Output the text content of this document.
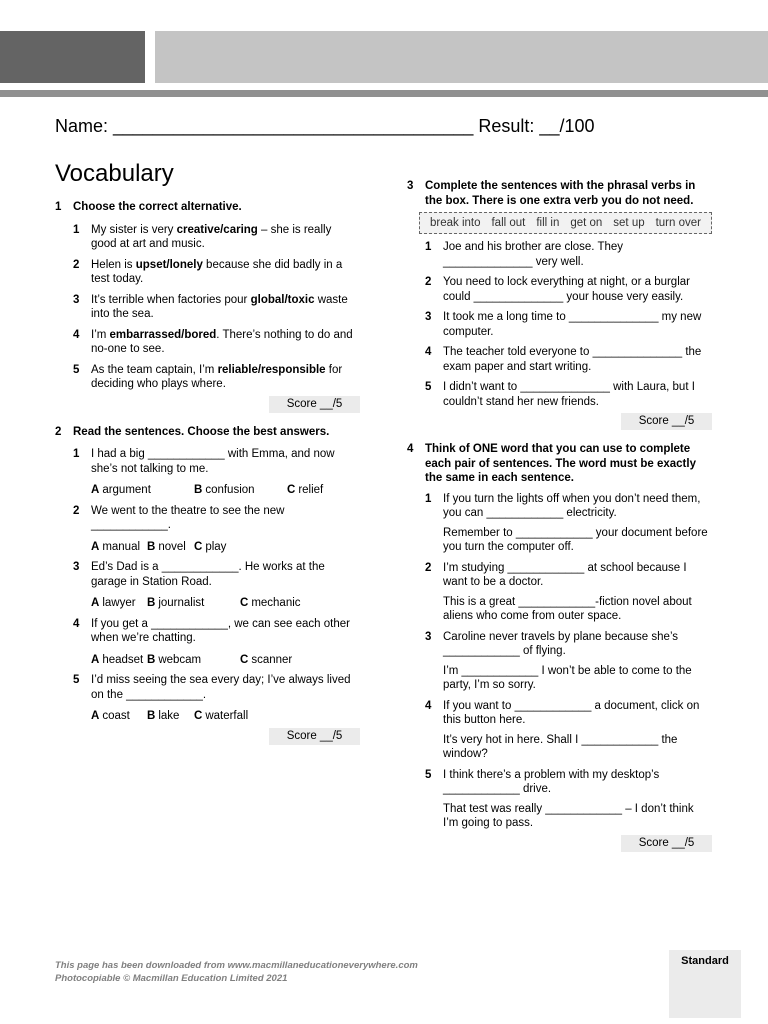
Name: ____________________________________ Result: __/100
Vocabulary
1	Choose the correct alternative.
1	My sister is very creative/caring – she is really good at art and music.
2	Helen is upset/lonely because she did badly in a test today.
3	It’s terrible when factories pour global/toxic waste into the sea.
4	I’m embarrassed/bored. There’s nothing to do and no-one to see.
5	As the team captain, I’m reliable/responsible for deciding who plays where.
Score __/5
2	Read the sentences. Choose the best answers.
1	I had a big ____________ with Emma, and now she’s not talking to me.
A argument	B confusion	C relief
2	We went to the theatre to see the new ____________.
A manual B novel C play
3	Ed’s Dad is a ____________. He works at the garage in Station Road.
A lawyer B journalist	C mechanic
4	If you get a ____________, we can see each other when we’re chatting.
A headset B webcam	C scanner
5	I’d miss seeing the sea every day; I’ve always lived on the ____________.
A coast	B lake	C waterfall
Score __/5
3	Complete the sentences with the phrasal verbs in the box. There is one extra verb you do not need.
break into fall out fill in get on set up turn over
1	Joe and his brother are close. They ______________ very well.
2	You need to lock everything at night, or a burglar could ______________ your house very easily.
3	It took me a long time to ______________ my new computer.
4	The teacher told everyone to ______________ the exam paper and start writing.
5	I didn’t want to ______________ with Laura, but I couldn’t stand her new friends.
Score __/5
4	Think of ONE word that you can use to complete each pair of sentences. The word must be exactly the same in each sentence.
1	If you turn the lights off when you don’t need them, you can ____________ electricity.
Remember to ____________ your document before you turn the computer off.
2	I’m studying ____________ at school because I want to be a doctor.
This is a great ____________-fiction novel about aliens who come from outer space.
3	Caroline never travels by plane because she’s ____________ of flying.
I’m ____________ I won’t be able to come to the party, I’m so sorry.
4	If you want to ____________ a document, click on this button here.
It’s very hot in here. Shall I ____________ the window?
5	I think there’s a problem with my desktop’s ____________ drive.
That test was really ____________ – I don’t think I’m going to pass.
Score __/5
This page has been downloaded from www.macmillaneducationeverywhere.com
Photocopiable © Macmillan Education Limited 2021
Standard
